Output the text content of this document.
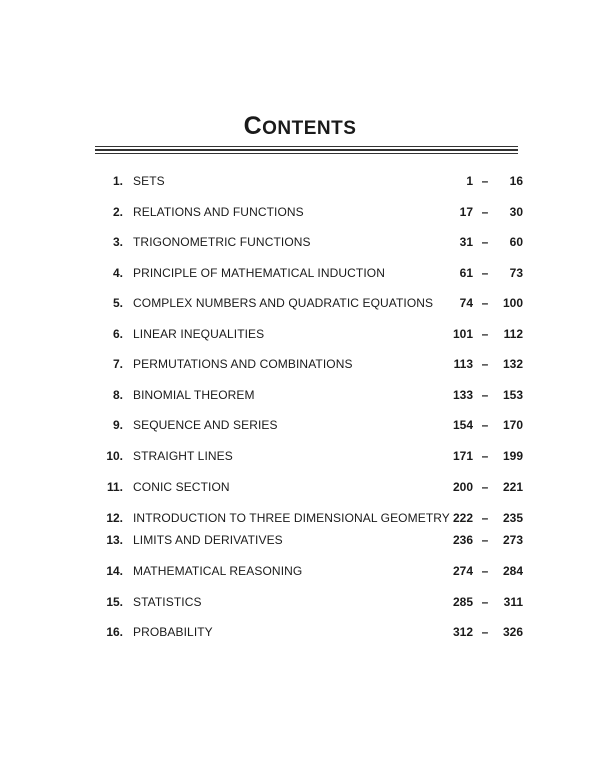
CONTENTS
1. SETS	1 –	16
2. RELATIONS AND FUNCTIONS	17 –	30
3. TRIGONOMETRIC FUNCTIONS	31 –	60
4. PRINCIPLE OF MATHEMATICAL INDUCTION	61 –	73
5. COMPLEX NUMBERS AND QUADRATIC EQUATIONS	74 –	100
6. LINEAR INEQUALITIES	101 –	112
7. PERMUTATIONS AND COMBINATIONS	113 –	132
8. BINOMIAL THEOREM	133 –	153
9. SEQUENCE AND SERIES	154 –	170
10. STRAIGHT LINES	171 –	199
11. CONIC SECTION	200 –	221
12. INTRODUCTION TO THREE DIMENSIONAL GEOMETRY 222 –	235
13. LIMITS AND DERIVATIVES	236 –	273
14. MATHEMATICAL REASONING	274 –	284
15. STATISTICS	285 –	311
16. PROBABILITY	312 –	326
